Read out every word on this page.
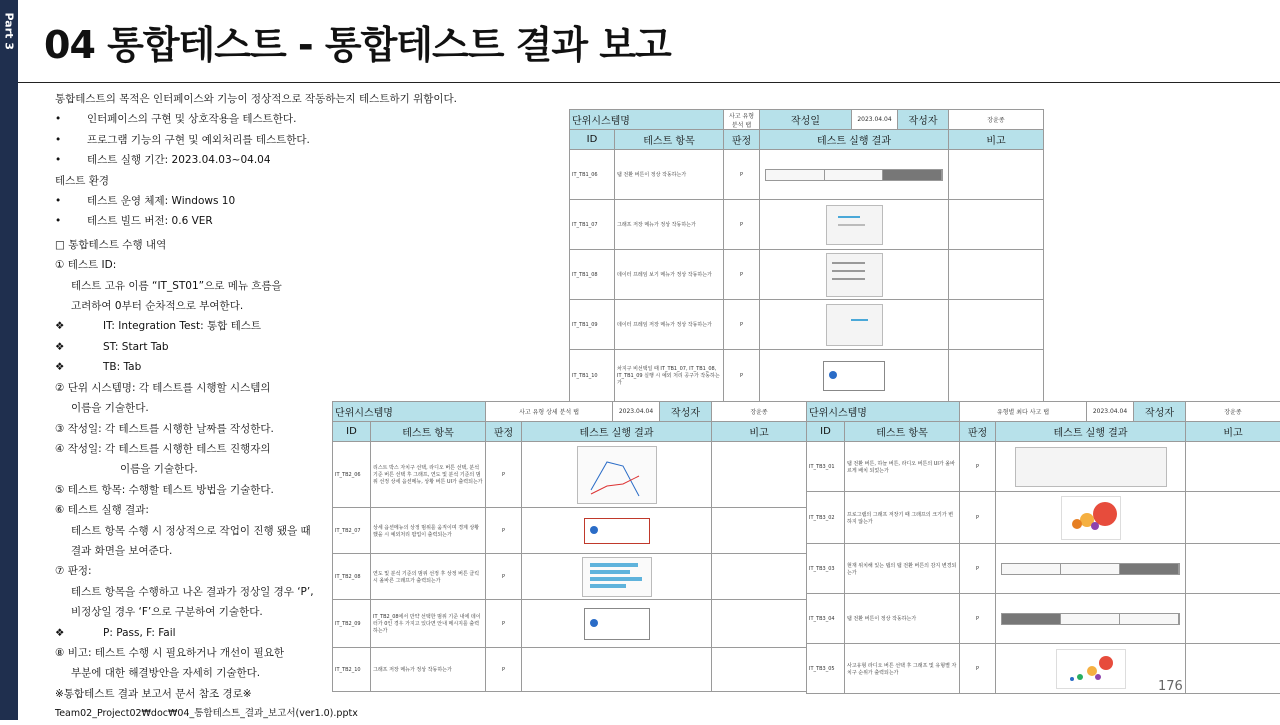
Part 3 04 통합테스트 - 통합테스트 결과 보고
통합테스트의 목적은 인터페이스와 기능이 정상적으로 작동하는지 테스트하기 위함이다.
• 인터페이스의 구현 및 상호작용을 테스트한다.
• 프로그램 기능의 구현 및 예외처리를 테스트한다.
• 테스트 실행 기간: 2023.04.03~04.04
테스트 환경
• 테스트 운영 체제: Windows 10
• 테스트 빌드 버전: 0.6 VER
□ 통합테스트 수행 내역
① 테스트 ID:
테스트 고유 이름 “IT_ST01”으로 메뉴 흐름을
고려하여 0부터 순차적으로 부여한다.
❖	IT: Integration Test: 통합 테스트
❖	ST: Start Tab
❖	TB: Tab
② 단위 시스템명: 각 테스트를 시행할 시스템의
이름을 기술한다.
③ 작성일: 각 테스트를 시행한 날짜를 작성한다.
④ 작성일: 각 테스트를 시행한 테스트 진행자의
이름을 기술한다.
⑤ 테스트 항목: 수행할 테스트 방법을 기술한다.
⑥ 테스트 실행 결과:
테스트 항목 수행 시 정상적으로 작업이 진행 됐을 때
결과 화면을 보여준다.
⑦ 판정:
테스트 항목을 수행하고 나온 결과가 정상일 경우 ‘P’,
비정상일 경우 ‘F’으로 구분하여 기술한다.
❖	P: Pass, F: Fail
⑧ 비고: 테스트 수행 시 필요하거나 개선이 필요한
부분에 대한 해결방안을 자세히 기술한다.
※통합테스트 결과 보고서 문서 참조 경로※
Team02_Project02₩doc₩04_통합테스트_결과_보고서(ver1.0).pptx
단위시스템명		사고 유형 분석 탭	작성일	2023.04.04	작성자	장윤종
ID	테스트 항목	판정	테스트 실행 결과			비고
IT_TB1_06	탭 전환 버튼이 정상 작동하는가	P			

IT_TB1_07	그래프 저장 메뉴가 정상 작동하는가	P			

IT_TB1_08	데이터 프레임 보기 메뉴가 정상 작동하는가	P			

IT_TB1_09	데이터 프레임 저장 메뉴가 정상 작동하는가	P			

IT_TB1_10	차지구 비선택일 때 IT_TB1_07, IT_TB1_08, IT_TB1_09 실행 시 예외 처리 공구가 작동하는가	P			

단위시스템명		사고 유형 상세 분석 탭		2023.04.04	작성자	장윤종
ID	테스트 항목	판정	테스트 실행 결과			비고
IT_TB2_06	리스트 박스 자치구 선택, 라디오 버튼 선택, 분석 기준 버튼 선택 후 그래프, 연도 및 분석 기준의 범위 선정 상세 옵션메뉴, 상황 버튼 UI가 출력되는가	P	

IT_TB2_07	상세 옵션메뉴의 상정 범위를 움직이며 경계 상황 했을 시 예외처리 팝업이 출력되는가	P			

IT_TB2_08	연도 및 분석 기준의 범위 선정 후 상정 버튼 클릭시 올바른 그래프가 출력되는가	P	

IT_TB2_09	IT_TB2_08에서 만약 선택한 범위 기준 내에 데이터가 0인 경우 가지고 있다면 안내 메시지를 출력하는가	P			

IT_TB2_10	그래프 저장 메뉴가 정상 작동하는가	P				
단위시스템명		유형별 최다 사고 탭		2023.04.04	작성자	장윤종
ID	테스트 항목	판정	테스트 실행 결과			비고
IT_TB3_01	탭 전환 버튼, 하늘 버튼, 라디오 버튼의 UI가 올바르게 배치 되었는가	P			

IT_TB3_02	프로그램의 그래프 저장기 때 그래프의 크기가 변하지 않는가	P	

IT_TB3_03	현재 위치해 있는 탭의 탭 전환 버튼의 감지 변경되는가	P			

IT_TB3_04	탭 전환 버튼이 정상 작동하는가	P			

IT_TB3_05	사고유형 라디오 버튼 선택 후 그래프 및 유형별 자치구 순위가 출력되는가	P	

176
